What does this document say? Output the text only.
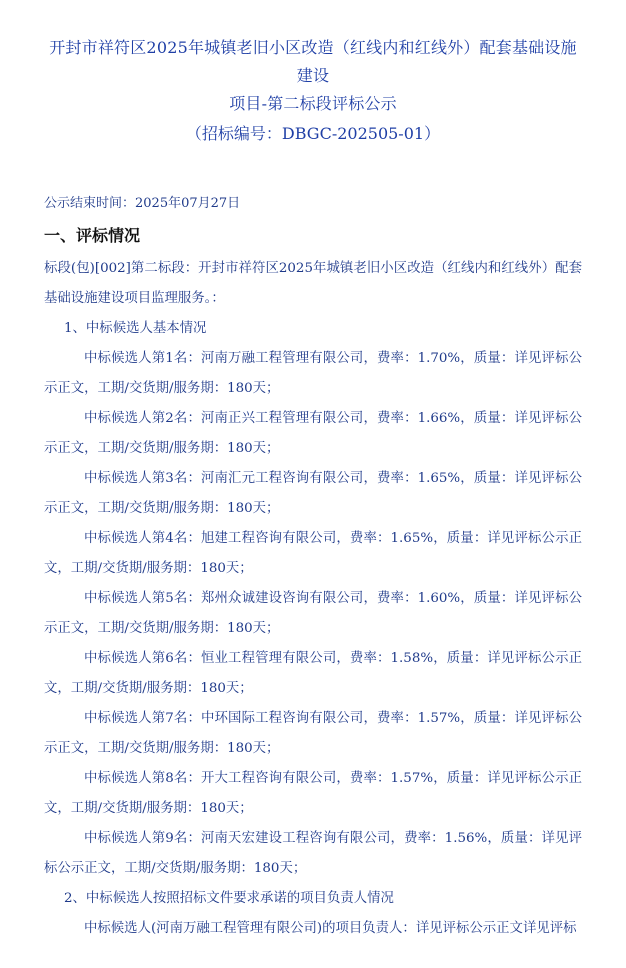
开封市祥符区2025年城镇老旧小区改造（红线内和红线外）配套基础设施建设
项目-第二标段评标公示
（招标编号：DBGC-202505-01）
公示结束时间：2025年07月27日
一、评标情况
标段(包)[002]第二标段：开封市祥符区2025年城镇老旧小区改造（红线内和红线外）配套基础设施建设项目监理服务。：
1、中标候选人基本情况
中标候选人第1名：河南万融工程管理有限公司，费率：1.70%，质量：详见评标公示正文，工期/交货期/服务期：180天；
中标候选人第2名：河南正兴工程管理有限公司，费率：1.66%，质量：详见评标公示正文，工期/交货期/服务期：180天；
中标候选人第3名：河南汇元工程咨询有限公司，费率：1.65%，质量：详见评标公示正文，工期/交货期/服务期：180天；
中标候选人第4名：旭建工程咨询有限公司，费率：1.65%，质量：详见评标公示正文，工期/交货期/服务期：180天；
中标候选人第5名：郑州众诚建设咨询有限公司，费率：1.60%，质量：详见评标公示正文，工期/交货期/服务期：180天；
中标候选人第6名：恒业工程管理有限公司，费率：1.58%，质量：详见评标公示正文，工期/交货期/服务期：180天；
中标候选人第7名：中环国际工程咨询有限公司，费率：1.57%，质量：详见评标公示正文，工期/交货期/服务期：180天；
中标候选人第8名：开大工程咨询有限公司，费率：1.57%，质量：详见评标公示正文，工期/交货期/服务期：180天；
中标候选人第9名：河南天宏建设工程咨询有限公司，费率：1.56%，质量：详见评标公示正文，工期/交货期/服务期：180天；
2、中标候选人按照招标文件要求承诺的项目负责人情况
中标候选人(河南万融工程管理有限公司)的项目负责人：详见评标公示正文详见评标
